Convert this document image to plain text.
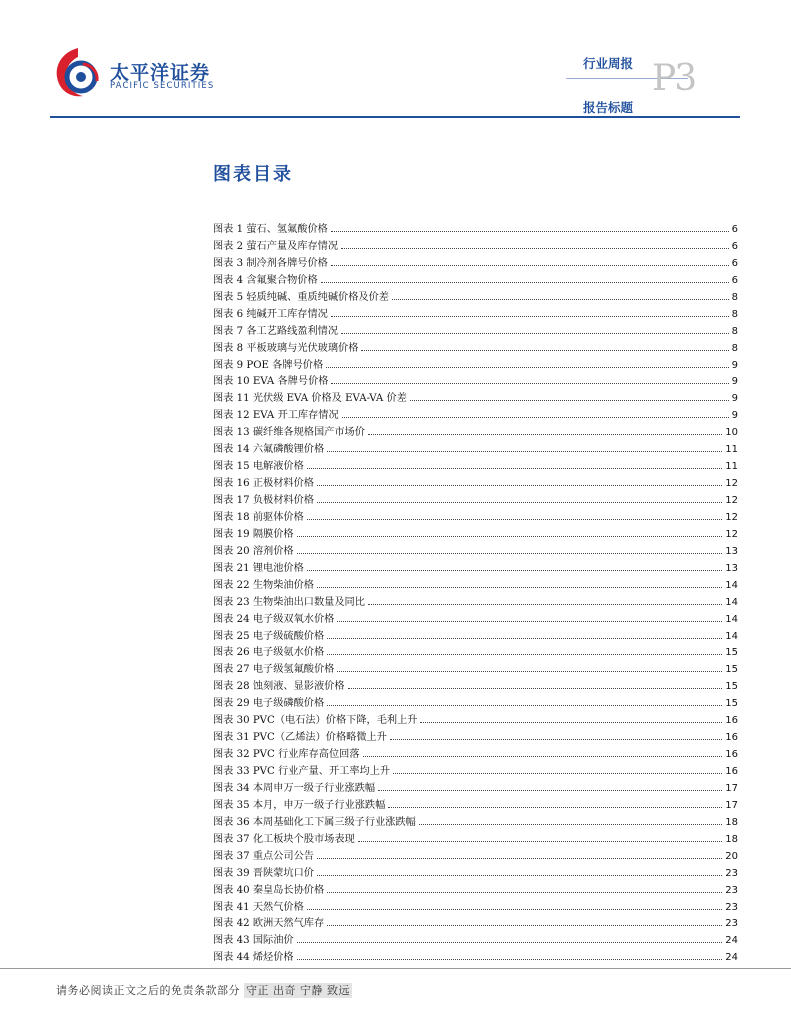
太平洋证券
PACIFIC SECURITIES
行业周报
报告标题
P3
图表目录
图表 1 萤石、氢氟酸价格	6
图表 2 萤石产量及库存情况	6
图表 3 制冷剂各牌号价格	6
图表 4 含氟聚合物价格	6
图表 5 轻质纯碱、重质纯碱价格及价差	8
图表 6 纯碱开工库存情况	8
图表 7 各工艺路线盈利情况	8
图表 8 平板玻璃与光伏玻璃价格	8
图表 9 POE 各牌号价格	9
图表 10 EVA 各牌号价格	9
图表 11 光伏级 EVA 价格及 EVA-VA 价差	9
图表 12 EVA 开工库存情况	9
图表 13 碳纤维各规格国产市场价	10
图表 14 六氟磷酸锂价格	11
图表 15 电解液价格	11
图表 16 正极材料价格	12
图表 17 负极材料价格	12
图表 18 前驱体价格	12
图表 19 隔膜价格	12
图表 20 溶剂价格	13
图表 21 锂电池价格	13
图表 22 生物柴油价格	14
图表 23 生物柴油出口数量及同比	14
图表 24 电子级双氧水价格	14
图表 25 电子级硫酸价格	14
图表 26 电子级氨水价格	15
图表 27 电子级氢氟酸价格	15
图表 28 蚀刻液、显影液价格	15
图表 29 电子级磷酸价格	15
图表 30 PVC（电石法）价格下降，毛利上升	16
图表 31 PVC（乙烯法）价格略微上升	16
图表 32 PVC 行业库存高位回落	16
图表 33 PVC 行业产量、开工率均上升	16
图表 34 本周申万一级子行业涨跌幅	17
图表 35 本月，申万一级子行业涨跌幅	17
图表 36 本周基础化工下属三级子行业涨跌幅	18
图表 37 化工板块个股市场表现	18
图表 37 重点公司公告	20
图表 39 晋陕蒙坑口价	23
图表 40 秦皇岛长协价格	23
图表 41 天然气价格	23
图表 42 欧洲天然气库存	23
图表 43 国际油价	24
图表 44 烯烃价格	24
请务必阅读正文之后的免责条款部分 守正 出奇 宁静 致远
